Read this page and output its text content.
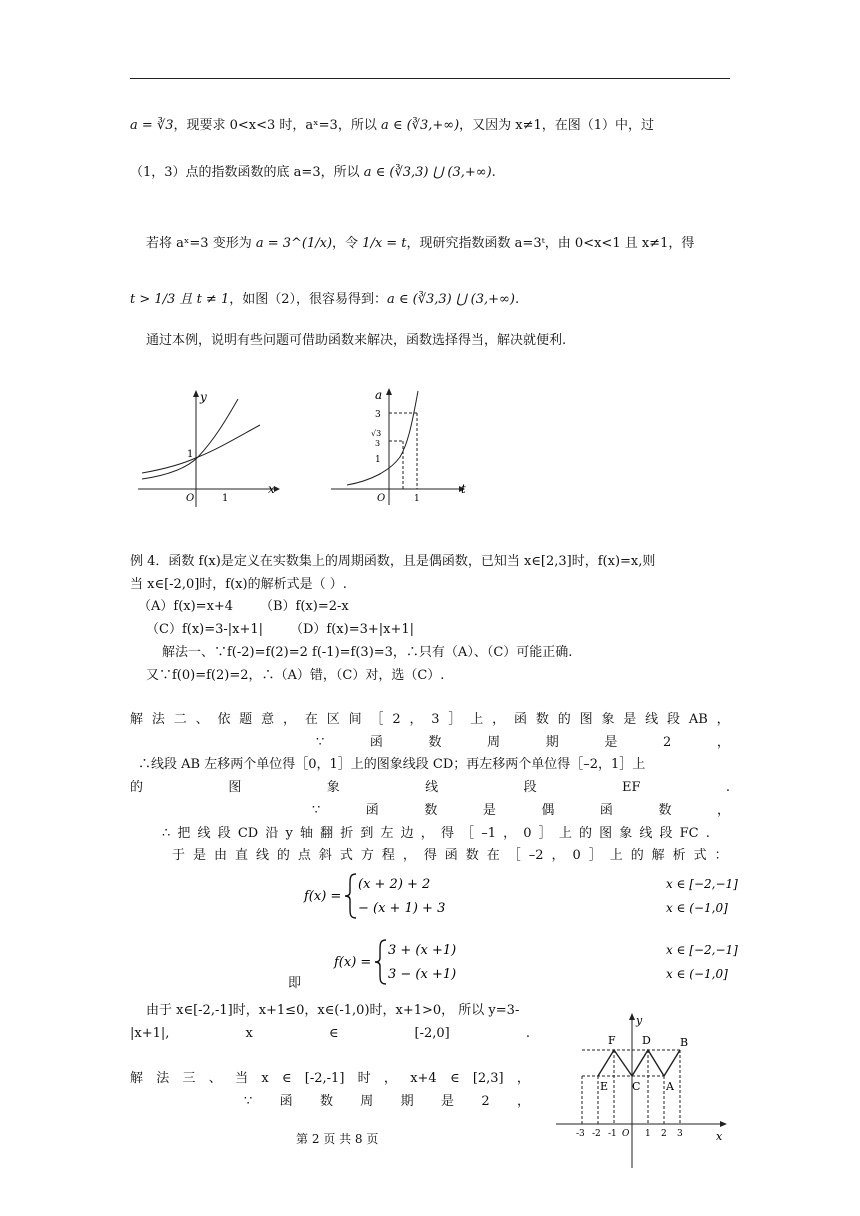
a = ∛3，现要求 0<x<3 时，aˣ=3，所以 a ∈ (∛3,+∞)，又因为 x≠1，在图（1）中，过
（1，3）点的指数函数的底 a=3，所以 a ∈ (∛3,3) ⋃ (3,+∞).
若将 aˣ=3 变形为 a = 3^(1/x)，令 1/x = t，现研究指数函数 a=3ᵗ，由 0<x<1 且 x≠1，得
t > 1/3 且 t ≠ 1，如图（2），很容易得到：a ∈ (∛3,3) ⋃ (3,+∞).
通过本例，说明有些问题可借助函数来解决，函数选择得当，解决就便利.
y
x
1
O	1
a
t
3
√3
3
1
O	1
例 4．函数 f(x)是定义在实数集上的周期函数，且是偶函数，已知当 x∈[2,3]时，f(x)=x,则
当 x∈[-2,0]时，f(x)的解析式是（ ）.
（A）f(x)=x+4 （B）f(x)=2-x
（C）f(x)=3-|x+1| （D）f(x)=3+|x+1|
解法一、∵f(-2)=f(2)=2 f(-1)=f(3)=3，∴只有（A）、（C）可能正确.
又∵f(0)=f(2)=2，∴（A）错，（C）对，选（C）.
解 法 二 、 依 题 意 ， 在 区 间 ［ 2 ， 3 ］ 上 ， 函 数 的 图 象 是 线 段 AB ，
∵	函	数	周	期	是	2	，
∴线段 AB 左移两个单位得［0，1］上的图象线段 CD；再左移两个单位得［–2，1］上
的	图	象	线	段	EF	.
∵	函	数	是	偶	函	数	，
∴ 把 线 段 CD 沿 y 轴 翻 折 到 左 边 ， 得 ［ –1 ， 0 ］ 上 的 图 象 线 段 FC .
于 是 由 直 线 的 点 斜 式 方 程 ， 得 函 数 在 ［ –2 ， 0 ］ 上 的 解 析 式 ：
f(x) =
(x + 2) + 2
− (x + 1) + 3
x ∈ [−2,−1]
x ∈ (−1,0]
f(x) =
3 + (x +1)
3 − (x +1)
x ∈ [−2,−1]
x ∈ (−1,0]
即
由于 x∈[-2,-1]时，x+1≤0，x∈(-1,0)时，x+1>0， 所以 y=3-
|x+1|,	x	∈	[-2,0]	.
解 法 三 、 当 x ∈ [-2,-1] 时 ， x+4 ∈ [2,3] ，
∵ 函 数 周 期 是 2 ，
y
x
F D	B
E C A
-3 -2 -1 O 1 2 3
第 2 页 共 8 页
